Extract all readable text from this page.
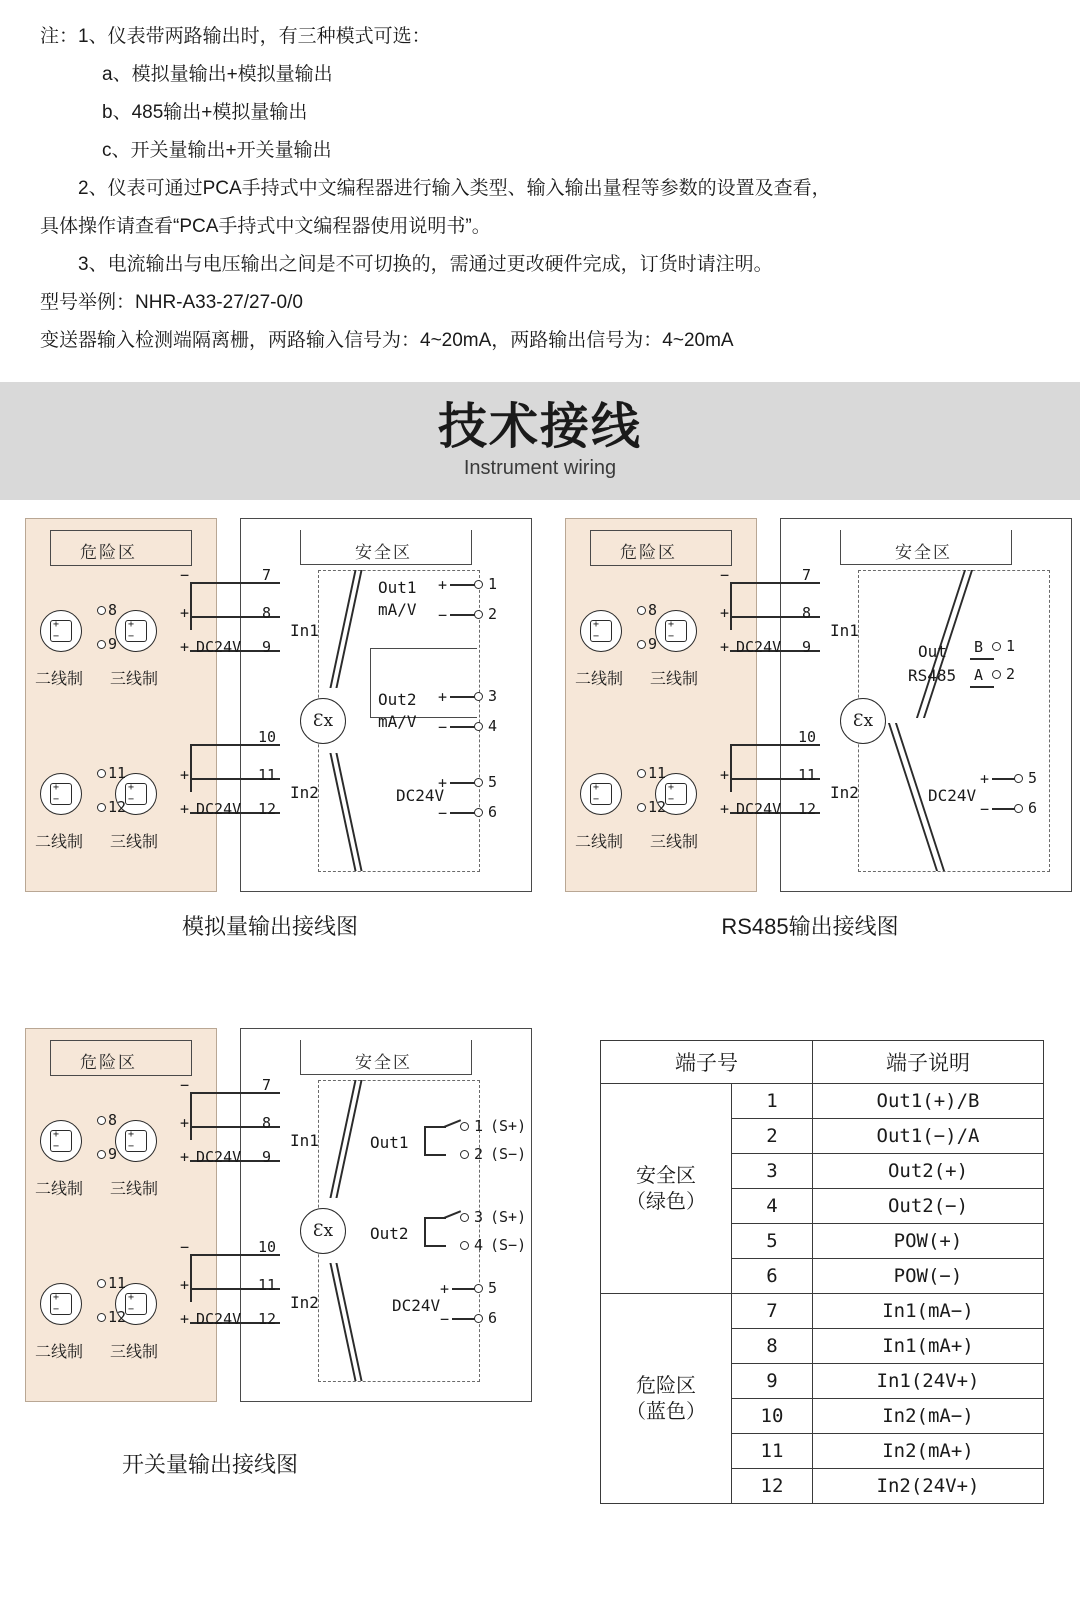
注：1、仪表带两路输出时，有三种模式可选：

a、模拟量输出+模拟量输出

b、485输出+模拟量输出

c、开关量输出+开关量输出

2、仪表可通过PCA手持式中文编程器进行输入类型、输入输出量程等参数的设置及查看，

具体操作请查看“PCA手持式中文编程器使用说明书”。

3、电流输出与电压输出之间是不可切换的，需通过更改硬件完成，订货时请注明。

型号举例：NHR-A33-27/27-0/0

变送器输入检测端隔离栅，两路输入信号为：4~20mA，两路输出信号为：4~20mA

技术接线
Instrument wiring
危险区	安全区
+
−
+
−
8
9
二线制 三线制
+
−
+
−
11
12
二线制 三线制
−
+
+ DC24V
7
8
9
In1
+
+ DC24V
10
11
12
In2
Ɛx
Out1
mA/V
+
−
1
2
Out2
mA/V
+
−
3
4
DC24V
+
−
5
6
模拟量输出接线图
危险区	安全区
+
−
+
−
8
9
二线制 三线制
+
−
+
−
11
12
二线制 三线制
−
+
+ DC24V
7
8
9
In1
+
+ DC24V
10
11
12
In2
Ɛx
Out
RS485
B
A
1
2
DC24V
+
−
5
6
RS485输出接线图
危险区	安全区
+
−
+
−
8
9
二线制 三线制
+
−
+
−
11
12
二线制 三线制
−
+
+ DC24V
7
8
9
In1
−
+
+ DC24V
10
11
12
In2
Ɛx
Out1
1 (S+)
2 (S−)
Out2
3 (S+)
4 (S−)
DC24V
+
−
5
6
开关量输出接线图
端子号		端子说明

安全区
（绿色）	1	Out1(+)/B
	2	Out1(−)/A
	3	Out2(+)
	4	Out2(−)
	5	POW(+)
	6	POW(−)

危险区
（蓝色）	7	In1(mA−)
	8	In1(mA+)
	9	In1(24V+)
	10	In2(mA−)
	11	In2(mA+)
	12	In2(24V+)
